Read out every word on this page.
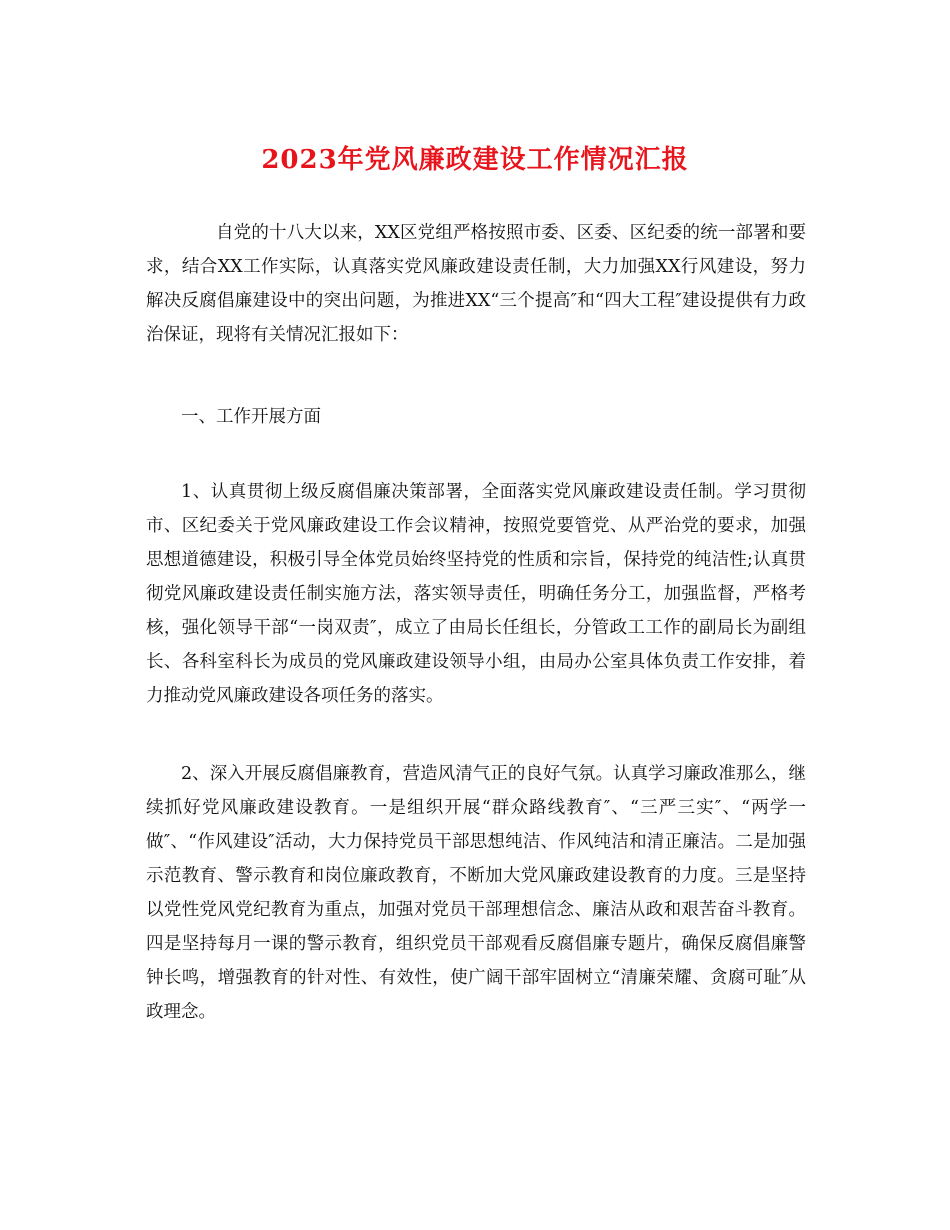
2023年党风廉政建设工作情况汇报

自党的十八大以来，XX区党组严格按照市委、区委、区纪委的统一部署和要求，结合XX工作实际，认真落实党风廉政建设责任制，大力加强XX行风建设，努力解决反腐倡廉建设中的突出问题，为推进XX“三个提高″和“四大工程″建设提供有力政治保证，现将有关情况汇报如下：

一、工作开展方面

1、认真贯彻上级反腐倡廉决策部署，全面落实党风廉政建设责任制。学习贯彻市、区纪委关于党风廉政建设工作会议精神，按照党要管党、从严治党的要求，加强思想道德建设，积极引导全体党员始终坚持党的性质和宗旨，保持党的纯洁性;认真贯彻党风廉政建设责任制实施方法，落实领导责任，明确任务分工，加强监督，严格考核，强化领导干部“一岗双责″，成立了由局长任组长，分管政工工作的副局长为副组长、各科室科长为成员的党风廉政建设领导小组，由局办公室具体负责工作安排，着力推动党风廉政建设各项任务的落实。

2、深入开展反腐倡廉教育，营造风清气正的良好气氛。认真学习廉政准那么，继续抓好党风廉政建设教育。一是组织开展“群众路线教育″、“三严三实″、“两学一做″、“作风建设″活动，大力保持党员干部思想纯洁、作风纯洁和清正廉洁。二是加强示范教育、警示教育和岗位廉政教育，不断加大党风廉政建设教育的力度。三是坚持以党性党风党纪教育为重点，加强对党员干部理想信念、廉洁从政和艰苦奋斗教育。四是坚持每月一课的警示教育，组织党员干部观看反腐倡廉专题片，确保反腐倡廉警钟长鸣，增强教育的针对性、有效性，使广阔干部牢固树立“清廉荣耀、贪腐可耻″从政理念。
